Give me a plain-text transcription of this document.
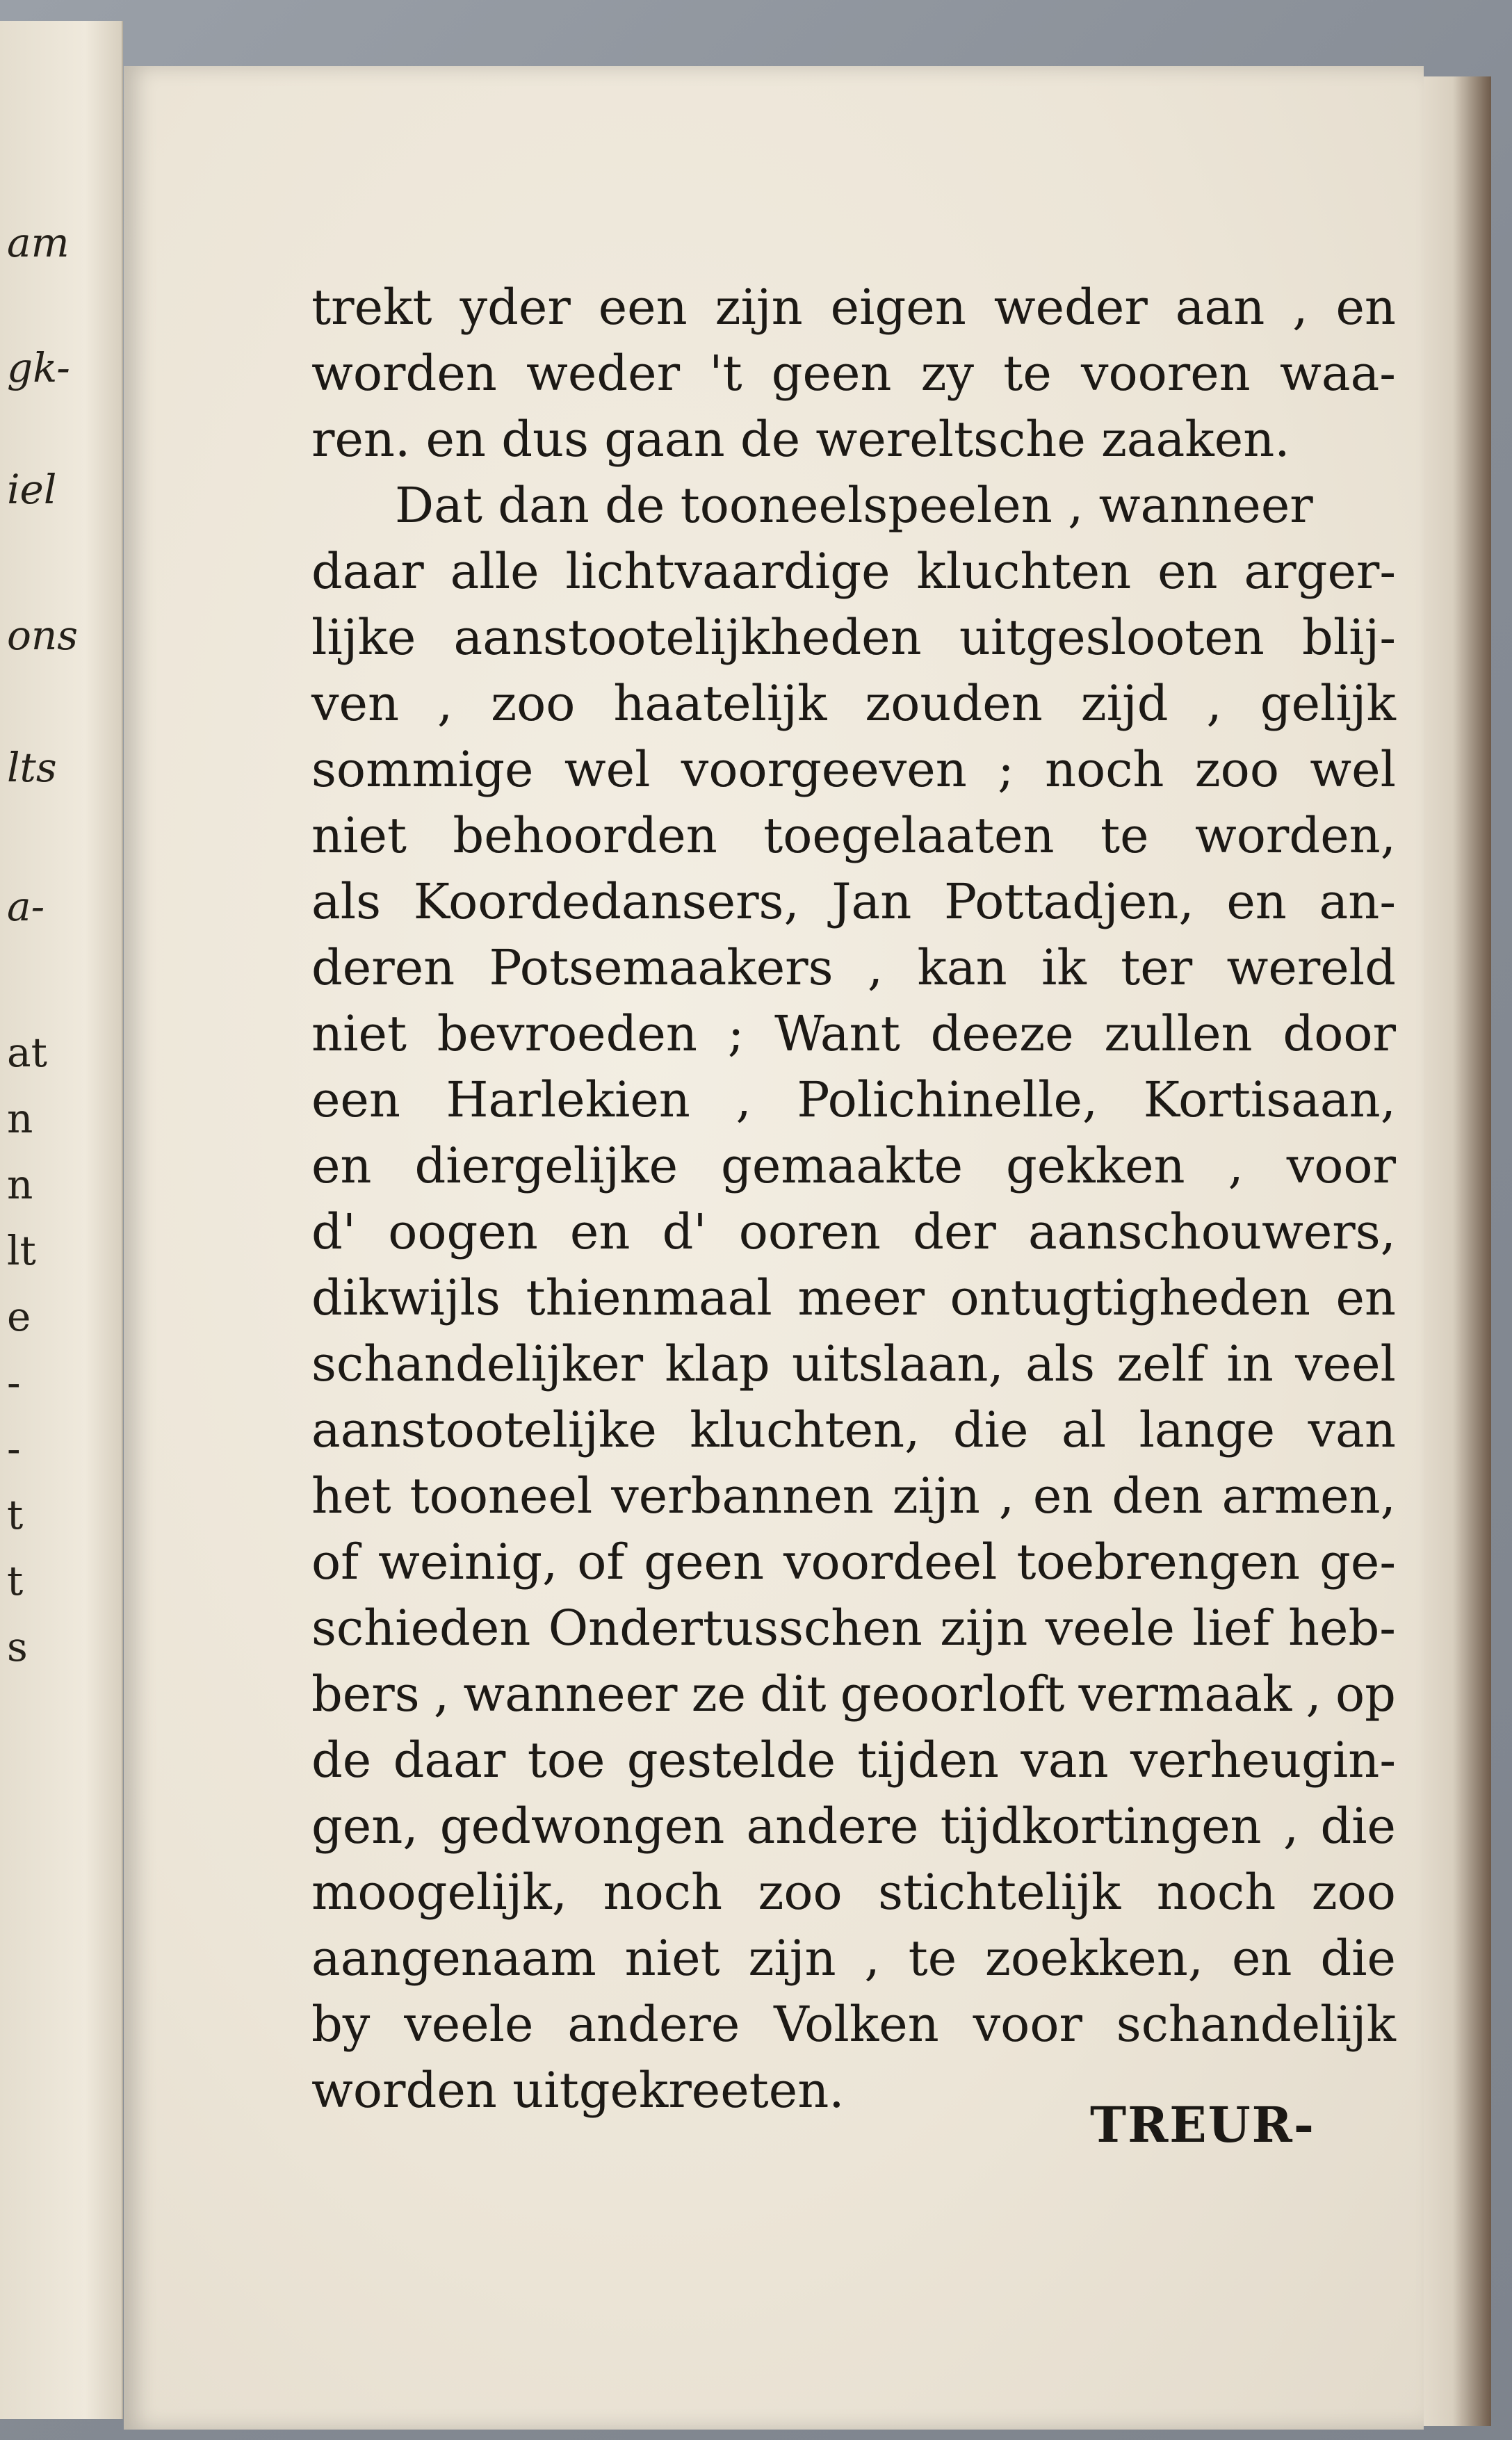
am
gk-
iel
ons
lts
a-
at
n
n
lt
e
-
-
t
t
s
trekt yder een zijn eigen weder aan , en
worden weder 't geen zy te vooren waa-
ren. en dus gaan de wereltsche zaaken.
Dat dan de tooneelspeelen , wanneer
daar alle lichtvaardige kluchten en arger-
lijke aanstootelijkheden uitgeslooten blij-
ven , zoo haatelijk zouden zijd , gelijk
sommige wel voorgeeven ; noch zoo wel
niet behoorden toegelaaten te worden,
als Koordedansers, Jan Pottadjen, en an-
deren Potsemaakers , kan ik ter wereld
niet bevroeden ; Want deeze zullen door
een Harlekien , Polichinelle, Kortisaan,
en diergelijke gemaakte gekken , voor
d' oogen en d' ooren der aanschouwers,
dikwijls thienmaal meer ontugtigheden en
schandelijker klap uitslaan, als zelf in veel
aanstootelijke kluchten, die al lange van
het tooneel verbannen zijn , en den armen,
of weinig, of geen voordeel toebrengen ge-
schieden Ondertusschen zijn veele lief heb-
bers , wanneer ze dit geoorloft vermaak , op
de daar toe gestelde tijden van verheugin-
gen, gedwongen andere tijdkortingen , die
moogelijk, noch zoo stichtelijk noch zoo
aangenaam niet zijn , te zoekken, en die
by veele andere Volken voor schandelijk
worden uitgekreeten.
TREUR-
